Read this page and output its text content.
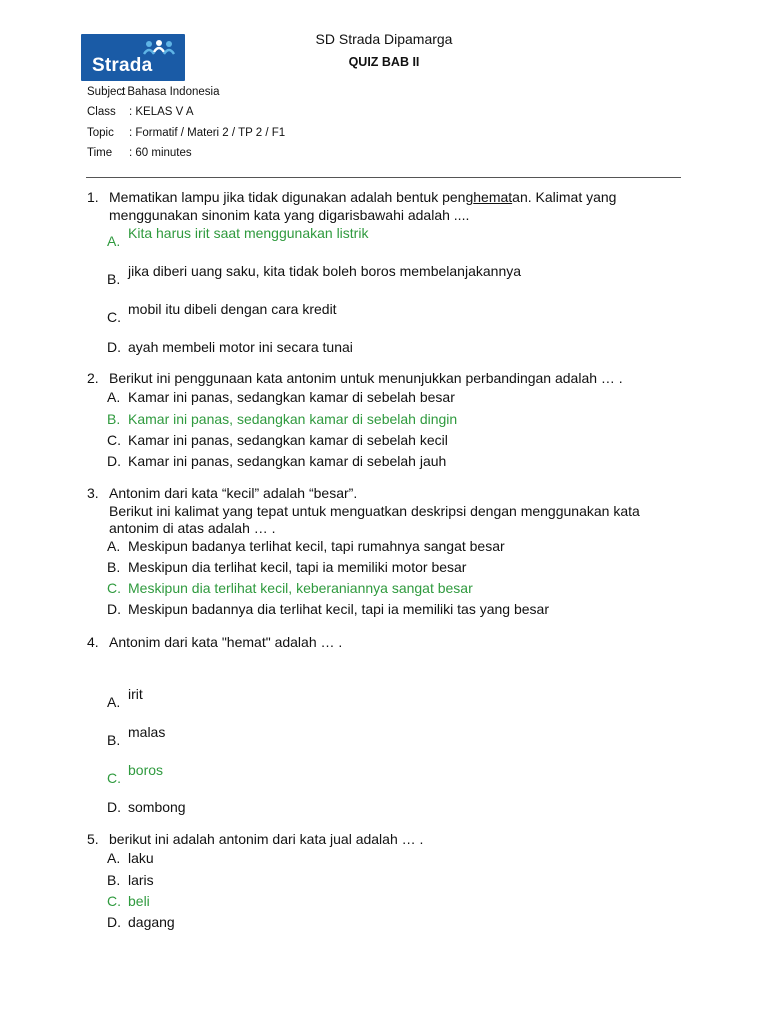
Strada
SD Strada Dipamarga
QUIZ BAB II
Subject: Bahasa Indonesia
Class : KELAS V A
Topic : Formatif / Materi 2 / TP 2 / F1
Time : 60 minutes
1. Mematikan lampu jika tidak digunakan adalah bentuk penghematan. Kalimat yang
menggunakan sinonim kata yang digarisbawahi adalah ....
A. Kita harus irit saat menggunakan listrik
B. jika diberi uang saku, kita tidak boleh boros membelanjakannya
C. mobil itu dibeli dengan cara kredit
D. ayah membeli motor ini secara tunai
2. Berikut ini penggunaan kata antonim untuk menunjukkan perbandingan adalah … .
A. Kamar ini panas, sedangkan kamar di sebelah besar
B. Kamar ini panas, sedangkan kamar di sebelah dingin
C. Kamar ini panas, sedangkan kamar di sebelah kecil
D. Kamar ini panas, sedangkan kamar di sebelah jauh
3. Antonim dari kata “kecil” adalah “besar”.
Berikut ini kalimat yang tepat untuk menguatkan deskripsi dengan menggunakan kata
antonim di atas adalah … .
A. Meskipun badanya terlihat kecil, tapi rumahnya sangat besar
B. Meskipun dia terlihat kecil, tapi ia memiliki motor besar
C. Meskipun dia terlihat kecil, keberaniannya sangat besar
D. Meskipun badannya dia terlihat kecil, tapi ia memiliki tas yang besar
4. Antonim dari kata "hemat" adalah … .
A. irit
B. malas
C. boros
D. sombong
5. berikut ini adalah antonim dari kata jual adalah … .
A. laku
B. laris
C. beli
D. dagang
